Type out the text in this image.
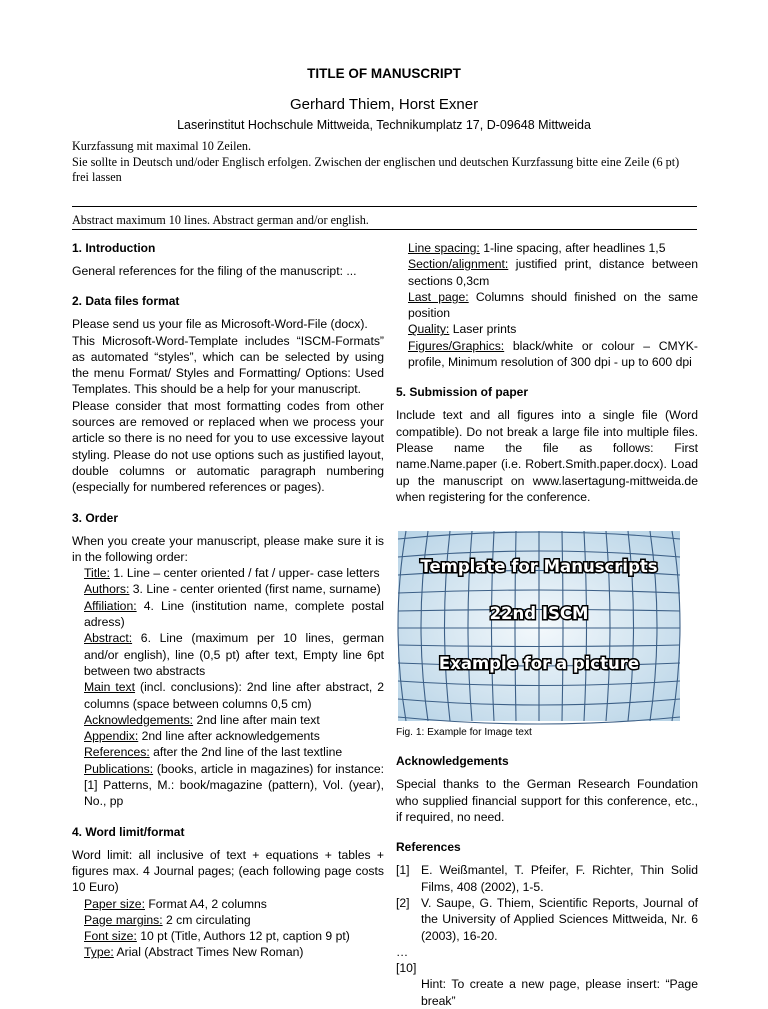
TITLE OF MANUSCRIPT
Gerhard Thiem, Horst Exner
Laserinstitut Hochschule Mittweida, Technikumplatz 17, D-09648 Mittweida
Kurzfassung mit maximal 10 Zeilen.
Sie sollte in Deutsch und/oder Englisch erfolgen. Zwischen der englischen und deutschen Kurzfassung bitte eine Zeile (6 pt) frei lassen
Abstract maximum 10 lines. Abstract german and/or english.
1. Introduction

General references for the filing of the manuscript: ...

2. Data files format

Please send us your file as Microsoft-Word-File (docx).

This Microsoft-Word-Template includes “ISCM-Formats” as automated “styles”, which can be selected by using the menu Format/ Styles and Formatting/ Options: Used Templates. This should be a help for your manuscript.

Please consider that most formatting codes from other sources are removed or replaced when we process your article so there is no need for you to use excessive layout styling. Please do not use options such as justified layout, double columns or automatic paragraph numbering (especially for numbered references or pages).

3. Order

When you create your manuscript, please make sure it is in the following order:

Title: 1. Line – center oriented / fat / upper- case letters

Authors: 3. Line - center oriented (first name, surname)

Affiliation: 4. Line (institution name, complete postal adress)

Abstract: 6. Line (maximum per 10 lines, german and/or english), line (0,5 pt) after text, Empty line 6pt between two abstracts

Main text (incl. conclusions): 2nd line after abstract, 2 columns (space between columns 0,5 cm)

Acknowledgements: 2nd line after main text

Appendix: 2nd line after acknowledgements

References: after the 2nd line of the last textline

Publications: (books, article in magazines) for instance: [1] Patterns, M.: book/magazine (pattern), Vol. (year), No., pp

4. Word limit/format

Word limit: all inclusive of text + equations + tables + figures max. 4 Journal pages; (each following page costs 10 Euro)

Paper size: Format A4, 2 columns

Page margins: 2 cm circulating

Font size: 10 pt (Title, Authors 12 pt, caption 9 pt)

Type: Arial (Abstract Times New Roman)

Line spacing: 1-line spacing, after headlines 1,5

Section/alignment: justified print, distance between sections 0,3cm

Last page: Columns should finished on the same position

Quality: Laser prints

Figures/Graphics: black/white or colour – CMYK-profile, Minimum resolution of 300 dpi - up to 600 dpi

5. Submission of paper

Include text and all figures into a single file (Word compatible). Do not break a large file into multiple files. Please name the file as follows: First name.Name.paper (i.e. Robert.Smith.paper.docx). Load up the manuscript on www.lasertagung-mittweida.de when registering for the conference.

Template for Manuscripts
22nd ISCM
Example for a picture
Fig. 1: Example for Image text
Acknowledgements

Special thanks to the German Research Foundation who supplied financial support for this conference, etc., if required, no need.

References
[1] E. Weißmantel, T. Pfeifer, F. Richter, Thin Solid Films, 408 (2002), 1-5.
[2] V. Saupe, G. Thiem, Scientific Reports, Journal of the University of Applied Sciences Mittweida, Nr. 6 (2003), 16-20.
…
[10]

Hint: To create a new page, please insert: “Page break”
